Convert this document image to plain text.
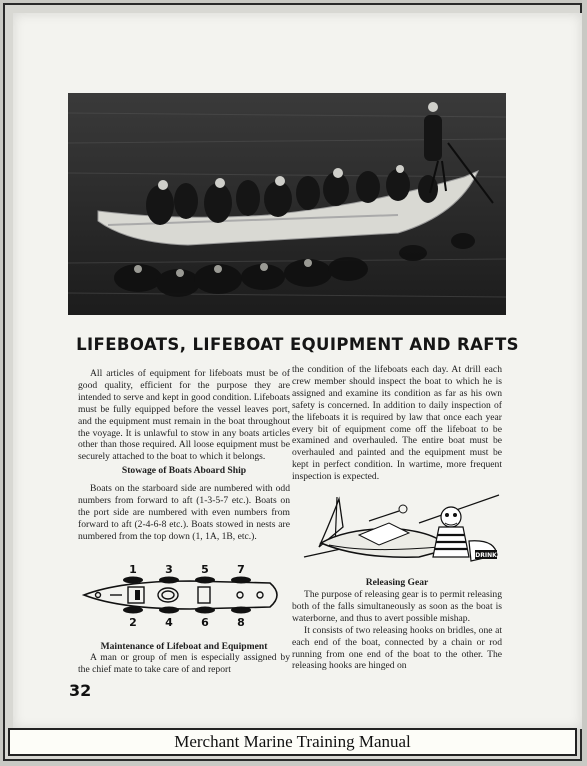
LIFEBOATS, LIFEBOAT EQUIPMENT AND RAFTS

All articles of equipment for lifeboats must be of good quality, efficient for the purpose they are intended to serve and kept in good condition. Lifeboats must be fully equipped before the vessel leaves port, and the equipment must remain in the boat throughout the voyage. It is unlawful to stow in any boats articles other than those required. All loose equipment must be securely attached to the boat to which it belongs.

Stowage of Boats Aboard Ship

Boats on the starboard side are numbered with odd numbers from forward to aft (1-3-5-7 etc.). Boats on the port side are numbered with even numbers from forward to aft (2-4-6-8 etc.). Boats stowed in nests are numbered from the top down (1, 1A, 1B, etc.).

1	3	5	7
2	4	6	8
Maintenance of Lifeboat and Equipment

A man or group of men is especially assigned by the chief mate to take care of and report

the condition of the lifeboats each day. At drill each crew member should inspect the boat to which he is assigned and examine its condition as far as his own safety is concerned. In addition to daily inspection of the lifeboats it is required by law that once each year every bit of equipment come off the lifeboat to be examined and overhauled. The entire boat must be overhauled and painted and the equipment must be kept in perfect condition. In wartime, more frequent inspection is expected.

DRINK
Releasing Gear

The purpose of releasing gear is to permit releasing both of the falls simultaneously as soon as the boat is waterborne, and thus to avert possible mishap.

It consists of two releasing hooks on bridles, one at each end of the boat, connected by a chain or rod running from one end of the boat to the other. The releasing hooks are hinged on

32
Merchant Marine Training Manual
